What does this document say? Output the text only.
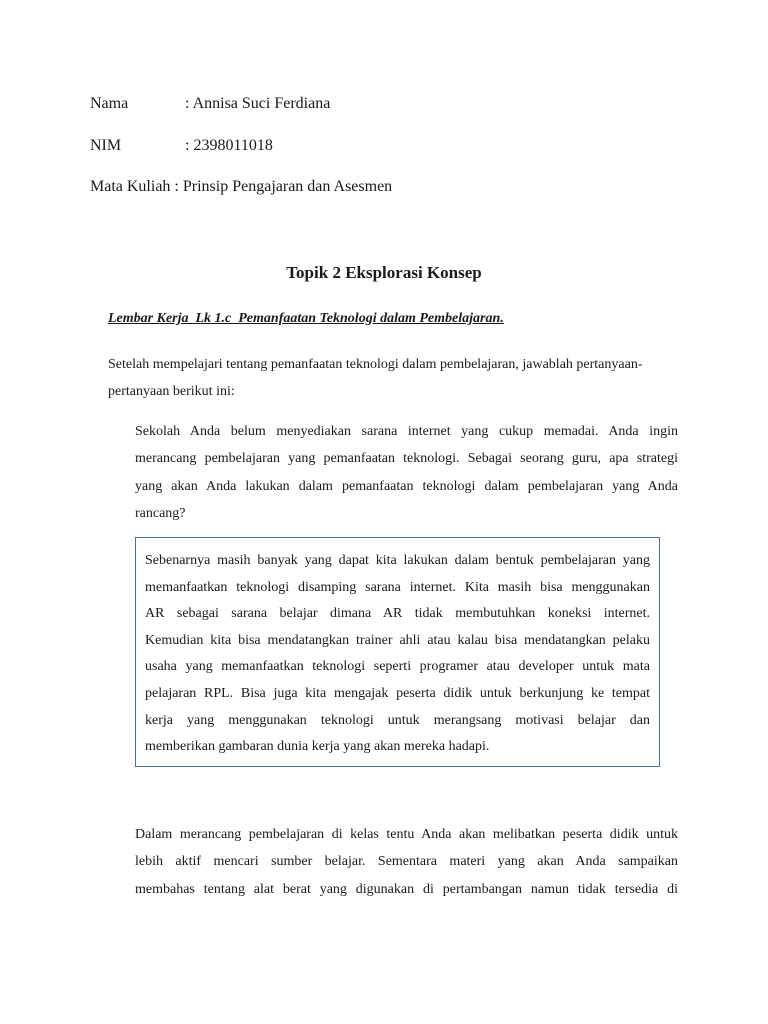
Nama	: Annisa Suci Ferdiana
NIM	: 2398011018
Mata Kuliah : Prinsip Pengajaran dan Asesmen
Topik 2 Eksplorasi Konsep
Lembar Kerja  Lk 1.c  Pemanfaatan Teknologi dalam Pembelajaran.
Setelah mempelajari tentang pemanfaatan teknologi dalam pembelajaran, jawablah pertanyaan-
pertanyaan berikut ini:
Sekolah Anda belum menyediakan sarana internet yang cukup memadai. Anda ingin
merancang pembelajaran yang pemanfaatan teknologi. Sebagai seorang guru, apa strategi
yang akan Anda lakukan dalam pemanfaatan teknologi dalam pembelajaran yang Anda
rancang?
Sebenarnya masih banyak yang dapat kita lakukan dalam bentuk pembelajaran yang
memanfaatkan teknologi disamping sarana internet. Kita masih bisa menggunakan
AR sebagai sarana belajar dimana AR tidak membutuhkan koneksi internet.
Kemudian kita bisa mendatangkan trainer ahli atau kalau bisa mendatangkan pelaku
usaha yang memanfaatkan teknologi seperti programer atau developer untuk mata
pelajaran RPL. Bisa juga kita mengajak peserta didik untuk berkunjung ke tempat
kerja yang menggunakan teknologi untuk merangsang motivasi belajar dan
memberikan gambaran dunia kerja yang akan mereka hadapi.
Dalam merancang pembelajaran di kelas tentu Anda akan melibatkan peserta didik untuk
lebih aktif mencari sumber belajar. Sementara materi yang akan Anda sampaikan
membahas tentang alat berat yang digunakan di pertambangan namun tidak tersedia di
